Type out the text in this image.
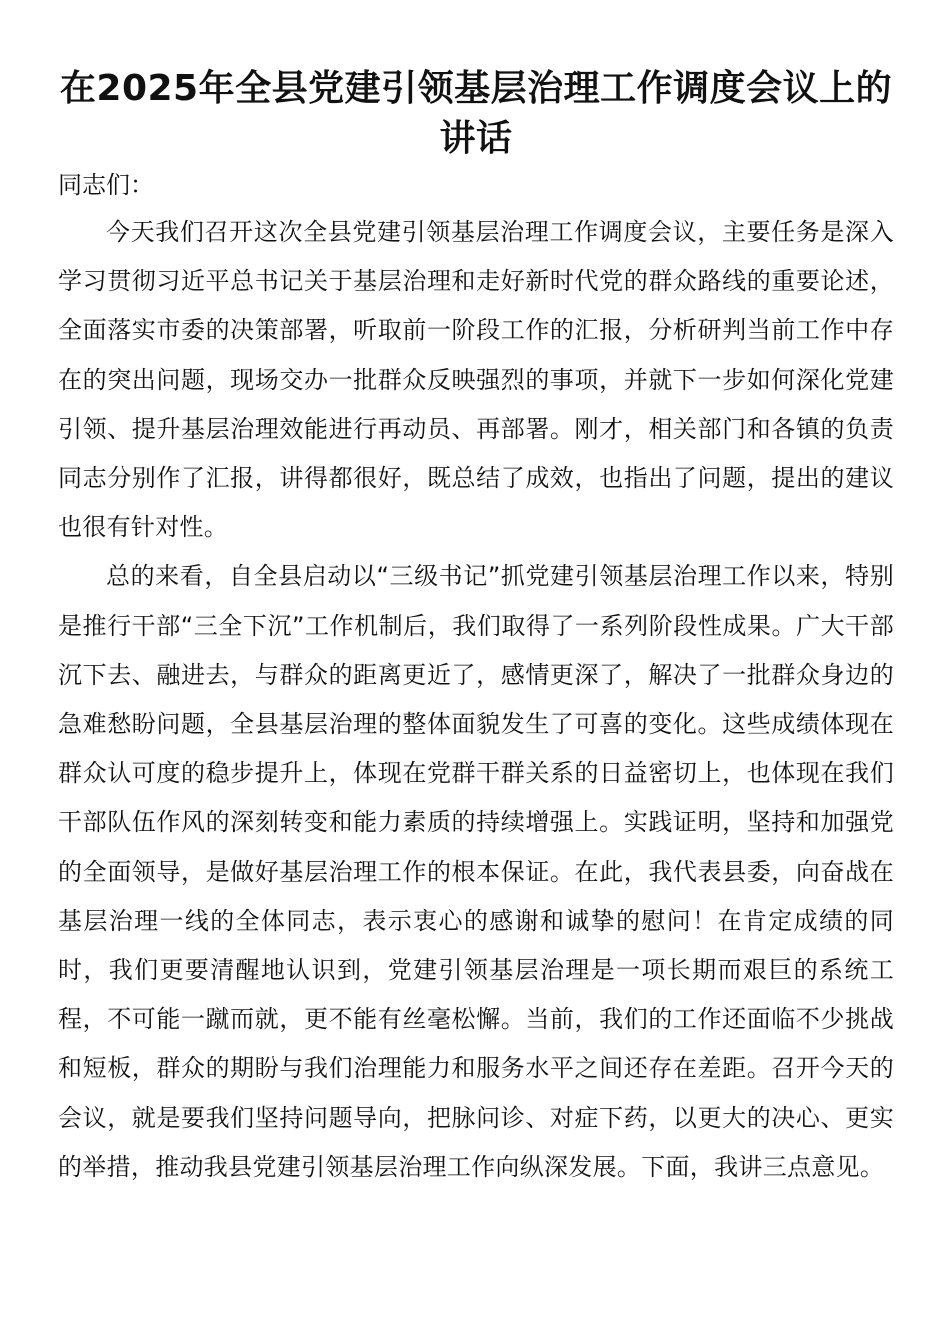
在2025年全县党建引领基层治理工作调度会议上的讲话

同志们：

今天我们召开这次全县党建引领基层治理工作调度会议，主要任务是深入学习贯彻习近平总书记关于基层治理和走好新时代党的群众路线的重要论述，全面落实市委的决策部署，听取前一阶段工作的汇报，分析研判当前工作中存在的突出问题，现场交办一批群众反映强烈的事项，并就下一步如何深化党建引领、提升基层治理效能进行再动员、再部署。刚才，相关部门和各镇的负责同志分别作了汇报，讲得都很好，既总结了成效，也指出了问题，提出的建议也很有针对性。

总的来看，自全县启动以“三级书记”抓党建引领基层治理工作以来，特别是推行干部“三全下沉”工作机制后，我们取得了一系列阶段性成果。广大干部沉下去、融进去，与群众的距离更近了，感情更深了，解决了一批群众身边的急难愁盼问题，全县基层治理的整体面貌发生了可喜的变化。这些成绩体现在群众认可度的稳步提升上，体现在党群干群关系的日益密切上，也体现在我们干部队伍作风的深刻转变和能力素质的持续增强上。实践证明，坚持和加强党的全面领导，是做好基层治理工作的根本保证。在此，我代表县委，向奋战在基层治理一线的全体同志，表示衷心的感谢和诚挚的慰问！在肯定成绩的同时，我们更要清醒地认识到，党建引领基层治理是一项长期而艰巨的系统工程，不可能一蹴而就，更不能有丝毫松懈。当前，我们的工作还面临不少挑战和短板，群众的期盼与我们治理能力和服务水平之间还存在差距。召开今天的会议，就是要我们坚持问题导向，把脉问诊、对症下药，以更大的决心、更实的举措，推动我县党建引领基层治理工作向纵深发展。下面，我讲三点意见。
